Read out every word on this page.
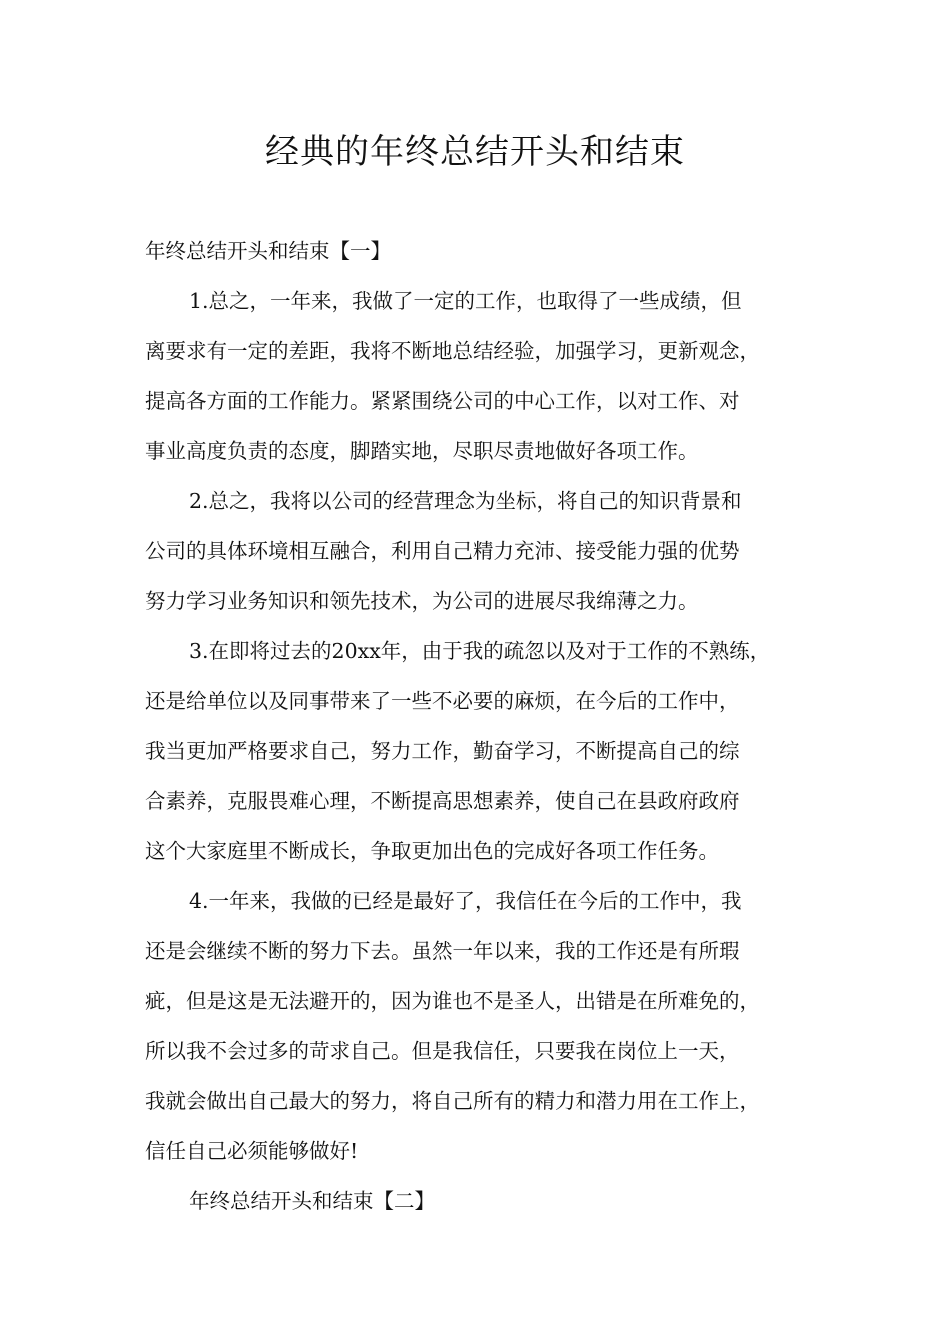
经典的年终总结开头和结束
年终总结开头和结束【一】
1.总之，一年来，我做了一定的工作，也取得了一些成绩，但
离要求有一定的差距，我将不断地总结经验，加强学习，更新观念，
提高各方面的工作能力。紧紧围绕公司的中心工作，以对工作、对
事业高度负责的态度，脚踏实地，尽职尽责地做好各项工作。
2.总之，我将以公司的经营理念为坐标，将自己的知识背景和
公司的具体环境相互融合，利用自己精力充沛、接受能力强的优势
努力学习业务知识和领先技术，为公司的进展尽我绵薄之力。
3.在即将过去的20xx年，由于我的疏忽以及对于工作的不熟练，
还是给单位以及同事带来了一些不必要的麻烦，在今后的工作中，
我当更加严格要求自己，努力工作，勤奋学习，不断提高自己的综
合素养，克服畏难心理，不断提高思想素养，使自己在县政府政府
这个大家庭里不断成长，争取更加出色的完成好各项工作任务。
4.一年来，我做的已经是最好了，我信任在今后的工作中，我
还是会继续不断的努力下去。虽然一年以来，我的工作还是有所瑕
疵，但是这是无法避开的，因为谁也不是圣人，出错是在所难免的，
所以我不会过多的苛求自己。但是我信任，只要我在岗位上一天，
我就会做出自己最大的努力，将自己所有的精力和潜力用在工作上，
信任自己必须能够做好!
年终总结开头和结束【二】
